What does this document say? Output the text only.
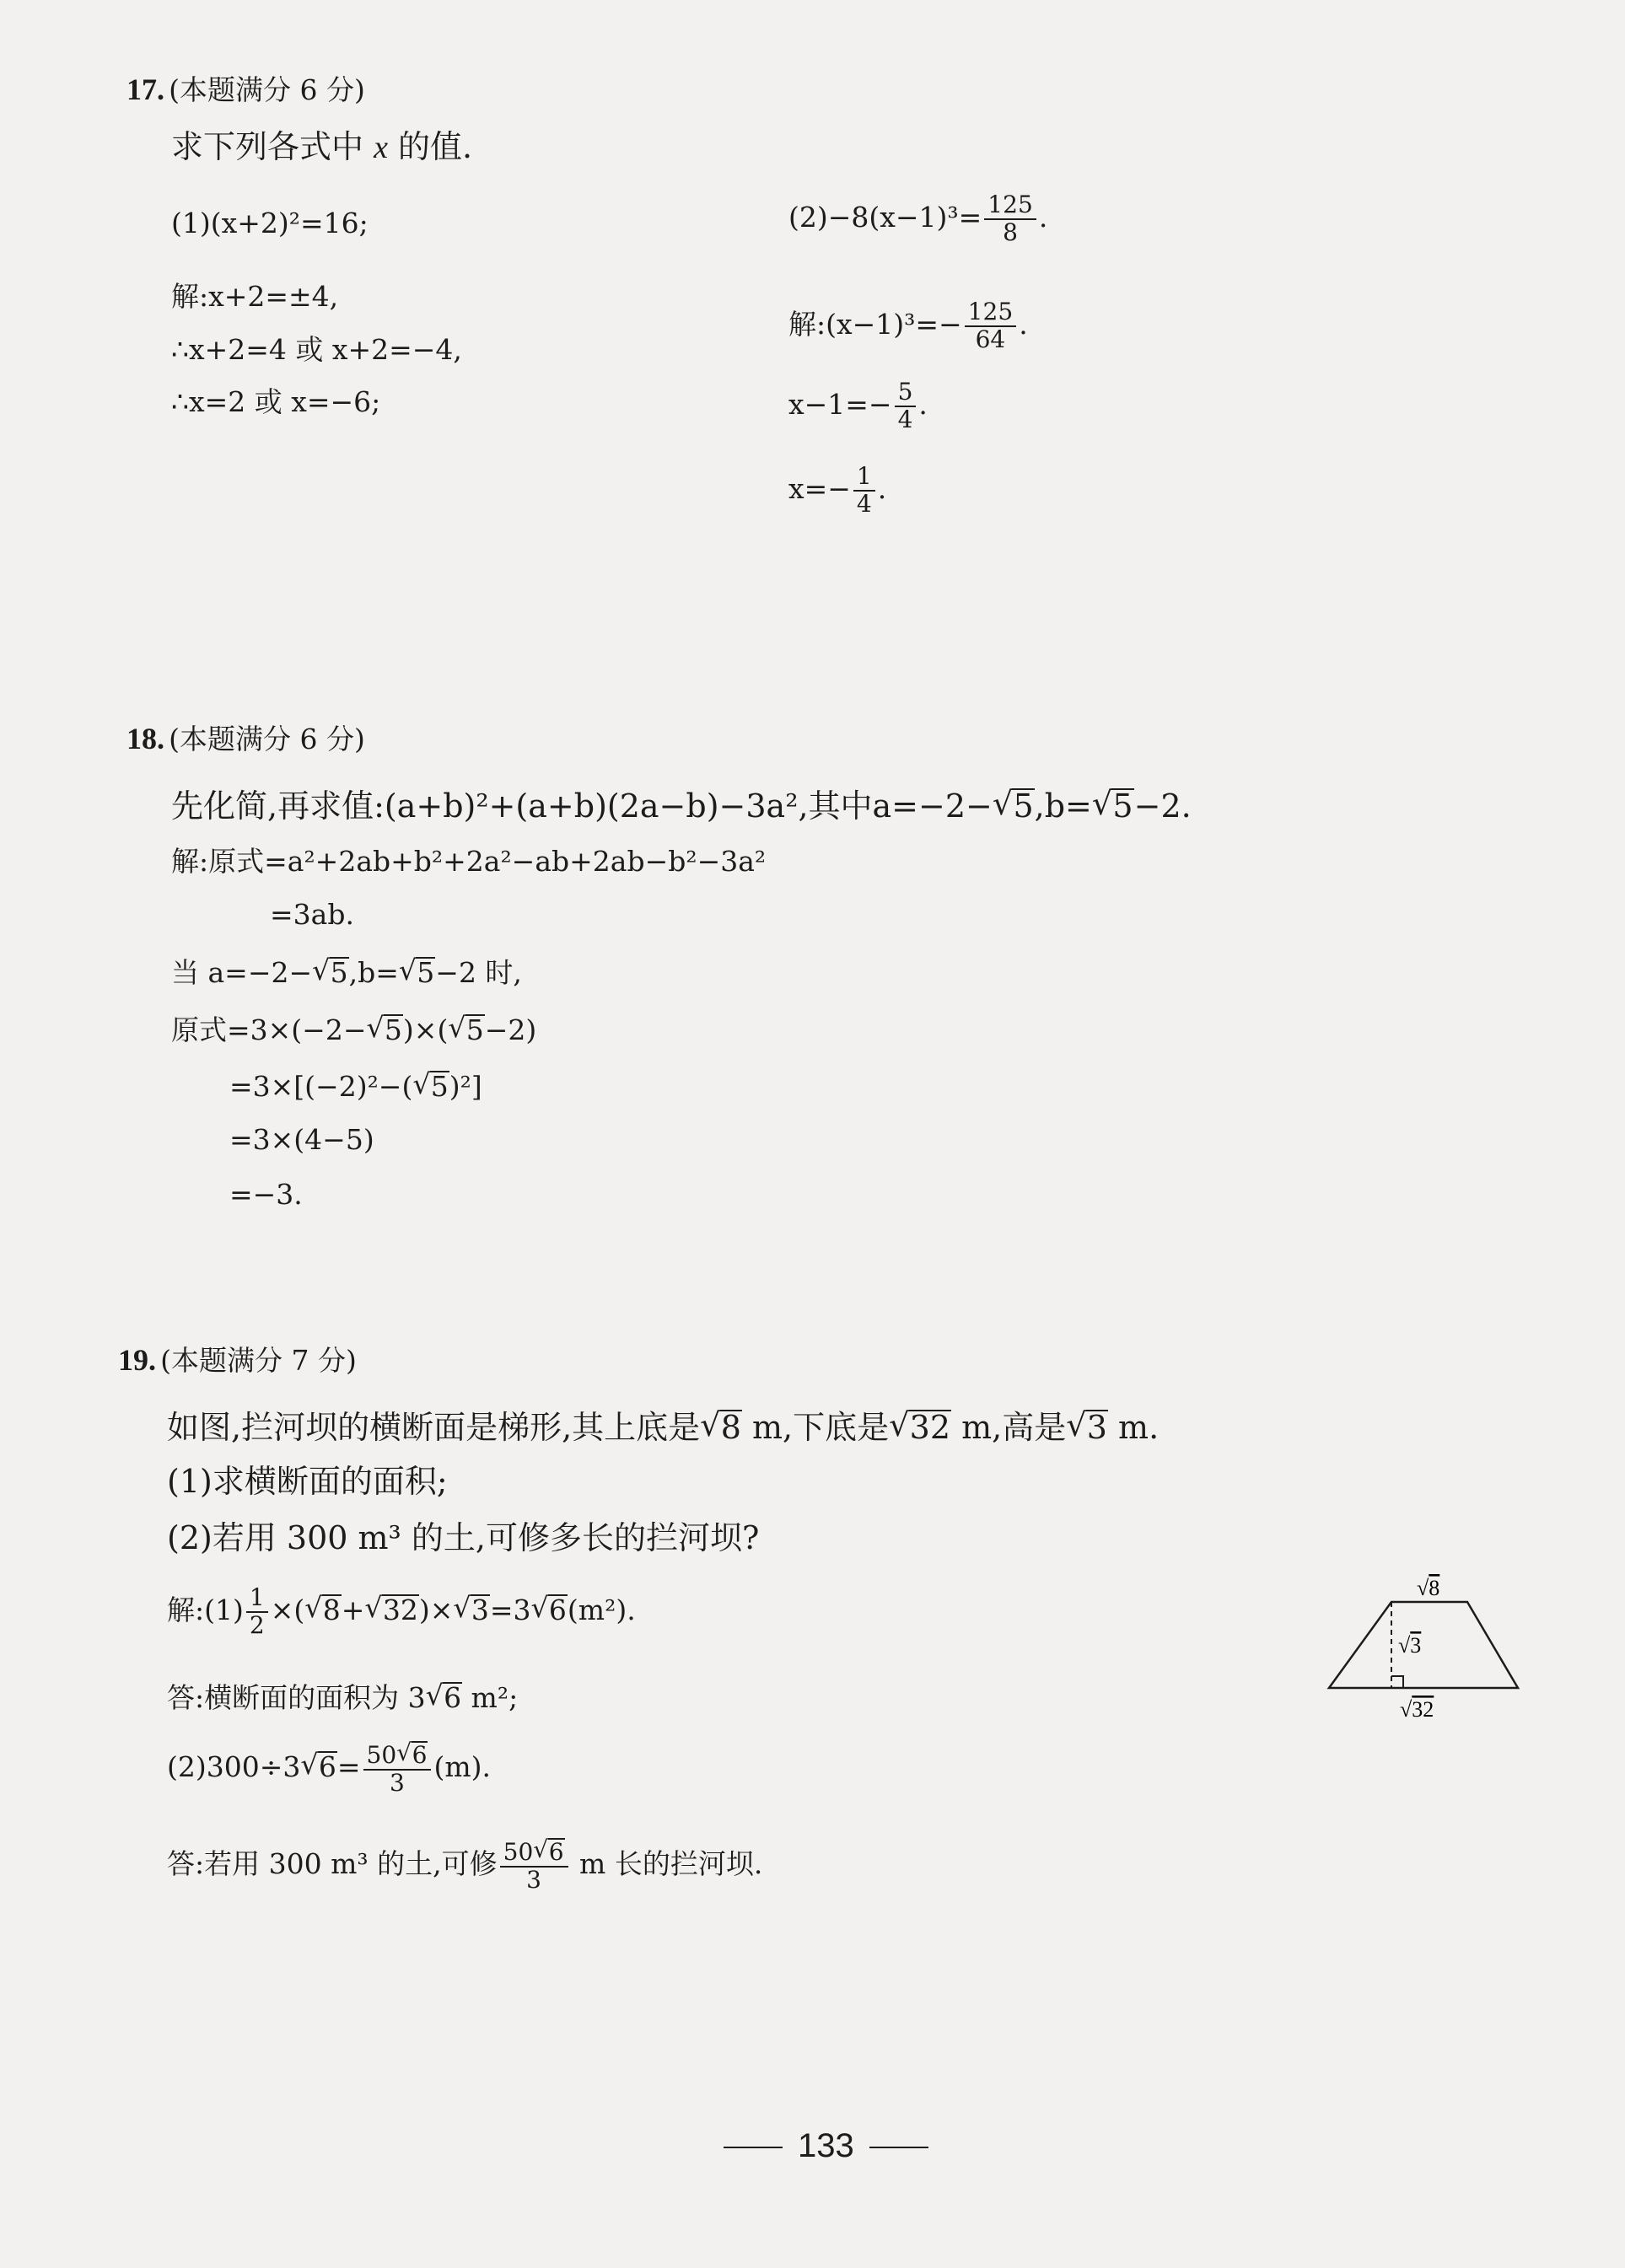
17. (本题满分 6 分)
求下列各式中 x 的值.
(1)(x+2)²=16;	$(2)-8(x-1)^3= \frac{125}{8}$ .
解:x+2=±4,
∴x+2=4 或 x+2=−4,
∴x=2 或 x=−6;
解:(x−1)³=− $\frac{125}{64}$ .
$x-1=- \frac{5}{4}$ .
$x=- \frac{1}{4}$ .
18. (本题满分 6 分)
先化简,再求值:(a+b)²+(a+b)(2a−b)−3a²,其中a=−2− √ 5,b= √ 5−2.
解:原式=a²+2ab+b²+2a²−ab+2ab−b²−3a²
=3ab.
当 a=−2− √ 5,b= √ 5−2 时,
原式=3×(−2− √ 5)×( √ 5−2)
=3×[(−2)²−( √ 5)²]
=3×(4−5)
=−3.
19. (本题满分 7 分)
如图,拦河坝的横断面是梯形,其上底是 √ 8 m,下底是 √ 32 m,高是 √ 3 m.
(1)求横断面的面积;
(2)若用 300 m³ 的土,可修多长的拦河坝?
解:(1) $\frac{1}{2}$ ×( √ 8+ √ 32)× √ 3=3 √ 6(m²).
答:横断面的面积为 3 √ 6 m²;
(2)300÷3 √ $6= \frac{50 √ 6}{3} (m)$.
答:若用 300 m³ 的土,可修 $\frac{50 √ 6}{3}$ m 长的拦河坝.
√8
√3
√32
133
